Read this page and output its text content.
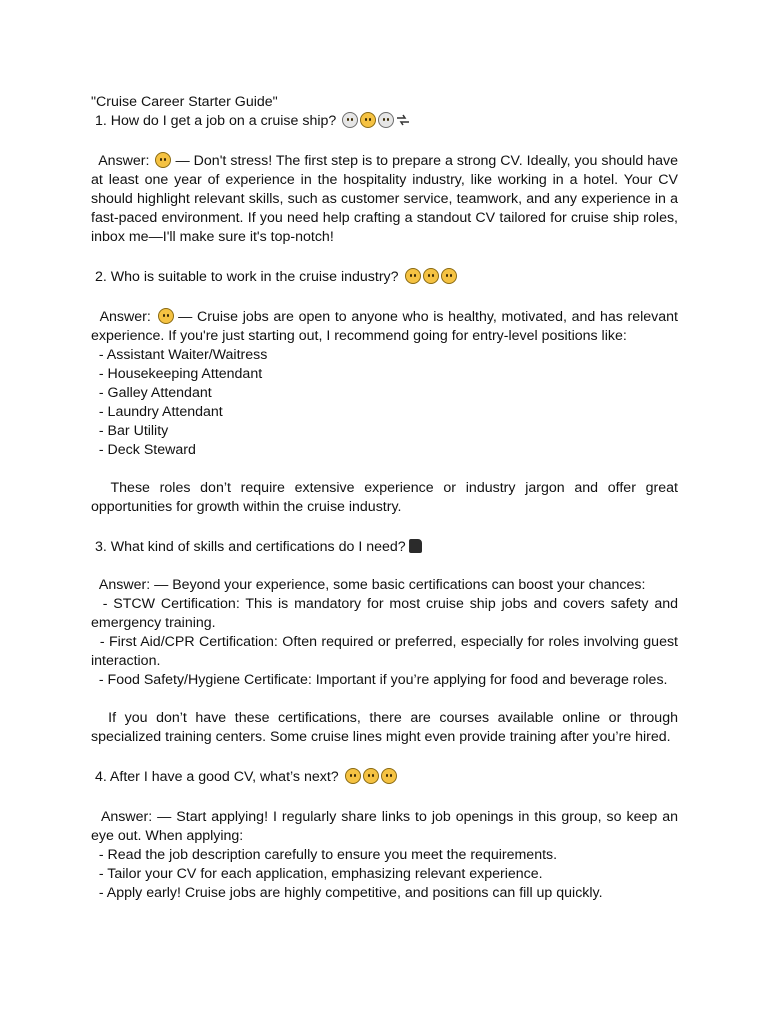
"Cruise Career Starter Guide"
1. How do I get a job on a cruise ship?

Answer:  — Don't stress! The first step is to prepare a strong CV. Ideally, you should have at least one year of experience in the hospitality industry, like working in a hotel. Your CV should highlight relevant skills, such as customer service, teamwork, and any experience in a fast-paced environment. If you need help crafting a standout CV tailored for cruise ship roles, inbox me—I'll make sure it's top-notch!

2. Who is suitable to work in the cruise industry?

Answer:  — Cruise jobs are open to anyone who is healthy, motivated, and has relevant experience. If you're just starting out, I recommend going for entry-level positions like:

- Assistant Waiter/Waitress
- Housekeeping Attendant
- Galley Attendant
- Laundry Attendant
- Bar Utility
- Deck Steward

These roles don’t require extensive experience or industry jargon and offer great opportunities for growth within the cruise industry.

3. What kind of skills and certifications do I need?

Answer: — Beyond your experience, some basic certifications can boost your chances:

- STCW Certification: This is mandatory for most cruise ship jobs and covers safety and emergency training.

- First Aid/CPR Certification: Often required or preferred, especially for roles involving guest interaction.

- Food Safety/Hygiene Certificate: Important if you’re applying for food and beverage roles.

If you don’t have these certifications, there are courses available online or through specialized training centers. Some cruise lines might even provide training after you’re hired.

4. After I have a good CV, what’s next?

Answer: — Start applying! I regularly share links to job openings in this group, so keep an eye out. When applying:

- Read the job description carefully to ensure you meet the requirements.
- Tailor your CV for each application, emphasizing relevant experience.
- Apply early! Cruise jobs are highly competitive, and positions can fill up quickly.
